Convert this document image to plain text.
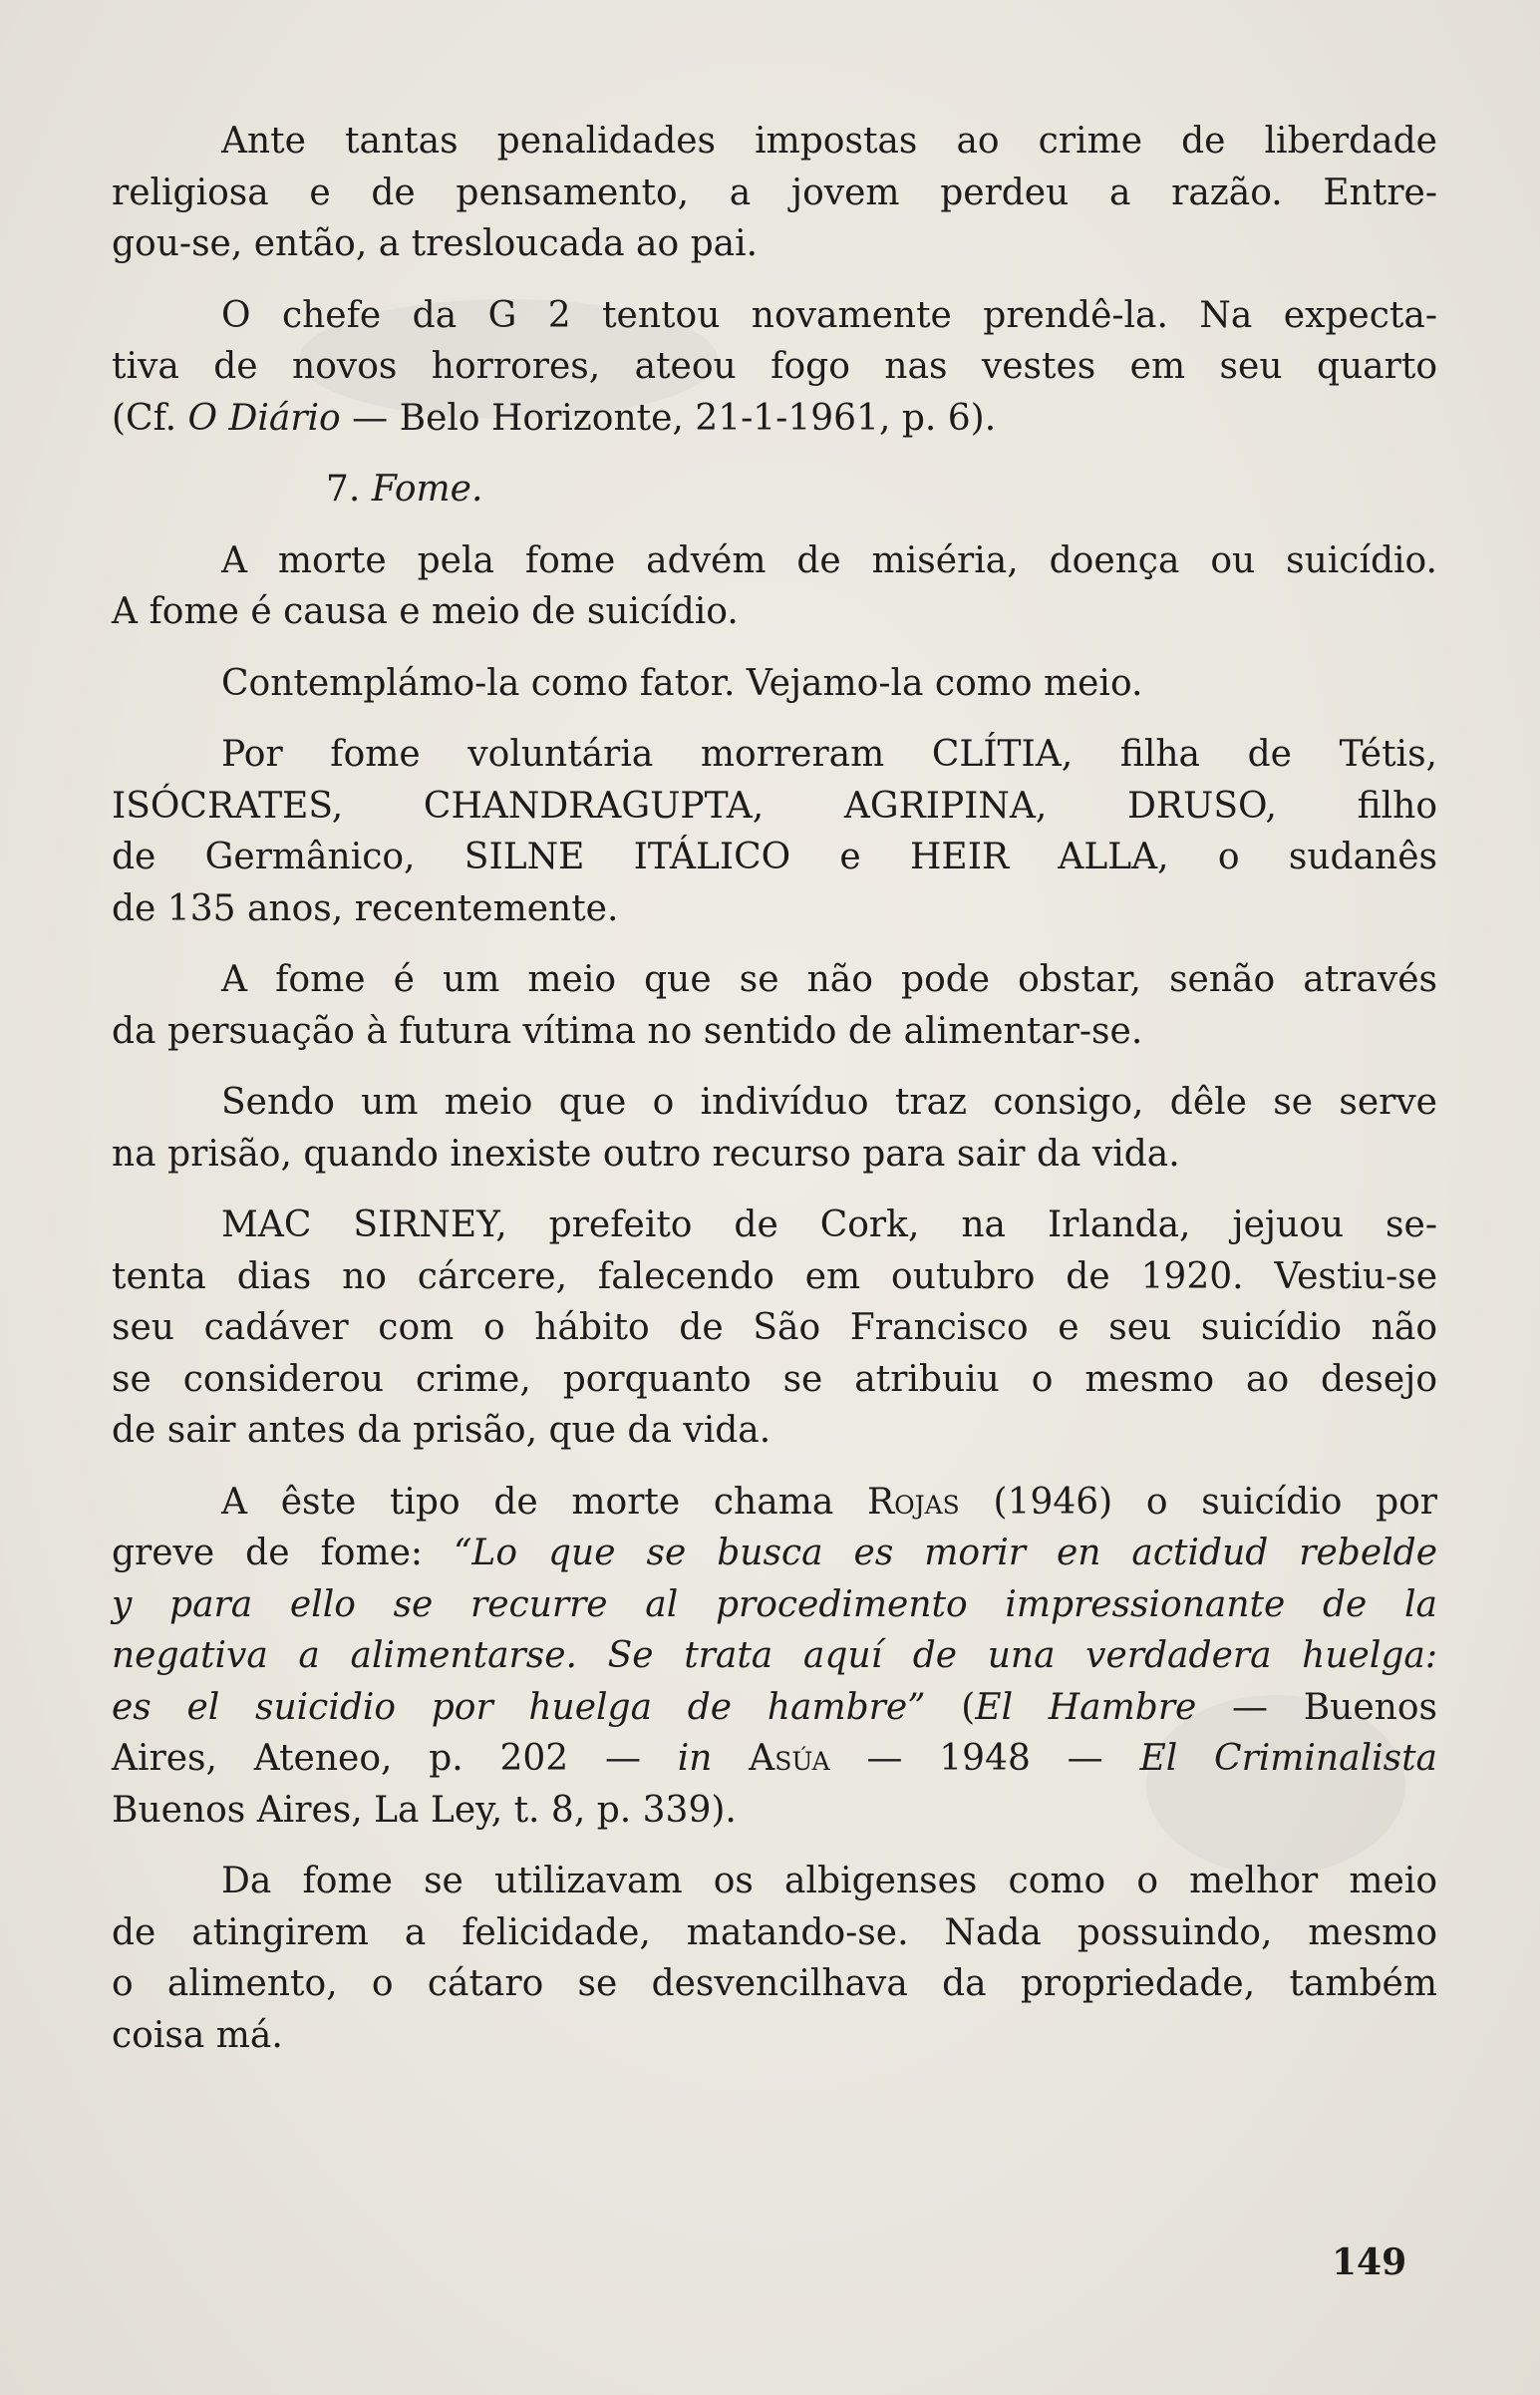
Ante tantas penalidades impostas ao crime de liberdade
religiosa e de pensamento, a jovem perdeu a razão. Entre-
gou-se, então, a tresloucada ao pai.

O chefe da G 2 tentou novamente prendê-la. Na expecta-
tiva de novos horrores, ateou fogo nas vestes em seu quarto
(Cf. O Diário — Belo Horizonte, 21-1-1961, p. 6).

7. Fome.

A morte pela fome advém de miséria, doença ou suicídio.
A fome é causa e meio de suicídio.

Contemplámo-la como fator. Vejamo-la como meio.

Por fome voluntária morreram CLÍTIA, filha de Tétis,
ISÓCRATES, CHANDRAGUPTA, AGRIPINA, DRUSO, filho
de Germânico, SILNE ITÁLICO e HEIR ALLA, o sudanês
de 135 anos, recentemente.

A fome é um meio que se não pode obstar, senão através
da persuação à futura vítima no sentido de alimentar-se.

Sendo um meio que o indivíduo traz consigo, dêle se serve
na prisão, quando inexiste outro recurso para sair da vida.

MAC SIRNEY, prefeito de Cork, na Irlanda, jejuou se-
tenta dias no cárcere, falecendo em outubro de 1920. Vestiu-se
seu cadáver com o hábito de São Francisco e seu suicídio não
se considerou crime, porquanto se atribuiu o mesmo ao desejo
de sair antes da prisão, que da vida.

A êste tipo de morte chama Rojas (1946) o suicídio por
greve de fome: “Lo que se busca es morir en actidud rebelde
y para ello se recurre al procedimento impressionante de la
negativa a alimentarse. Se trata aquí de una verdadera huelga:
es el suicidio por huelga de hambre” (El Hambre — Buenos
Aires, Ateneo, p. 202 — in Asúa — 1948 — El Criminalista
Buenos Aires, La Ley, t. 8, p. 339).

Da fome se utilizavam os albigenses como o melhor meio
de atingirem a felicidade, matando-se. Nada possuindo, mesmo
o alimento, o cátaro se desvencilhava da propriedade, também
coisa má.

149
